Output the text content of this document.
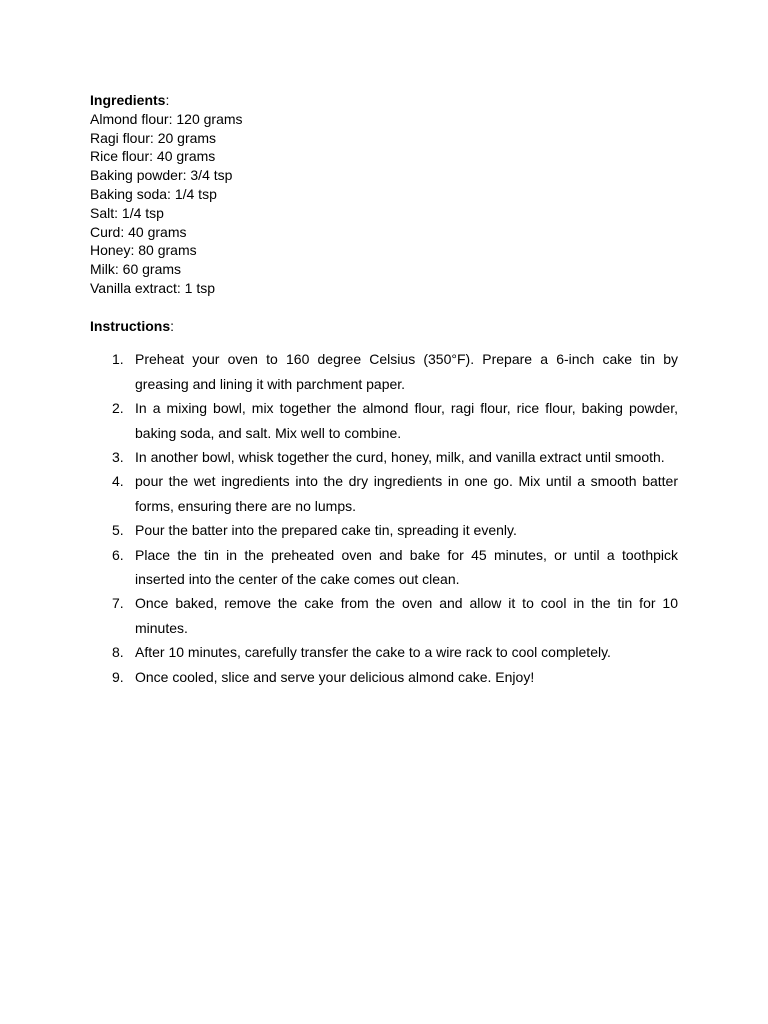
Ingredients:
Almond flour: 120 grams
Ragi flour: 20 grams
Rice flour: 40 grams
Baking powder: 3/4 tsp
Baking soda: 1/4 tsp
Salt: 1/4 tsp
Curd: 40 grams
Honey: 80 grams
Milk: 60 grams
Vanilla extract: 1 tsp
Instructions:
1. Preheat your oven to 160 degree Celsius (350°F). Prepare a 6-inch cake tin by greasing and lining it with parchment paper.
2. In a mixing bowl, mix together the almond flour, ragi flour, rice flour, baking powder, baking soda, and salt. Mix well to combine.
3. In another bowl, whisk together the curd, honey, milk, and vanilla extract until smooth.
4. pour the wet ingredients into the dry ingredients in one go. Mix until a smooth batter forms, ensuring there are no lumps.
5. Pour the batter into the prepared cake tin, spreading it evenly.
6. Place the tin in the preheated oven and bake for 45 minutes, or until a toothpick inserted into the center of the cake comes out clean.
7. Once baked, remove the cake from the oven and allow it to cool in the tin for 10 minutes.
8. After 10 minutes, carefully transfer the cake to a wire rack to cool completely.
9. Once cooled, slice and serve your delicious almond cake. Enjoy!
